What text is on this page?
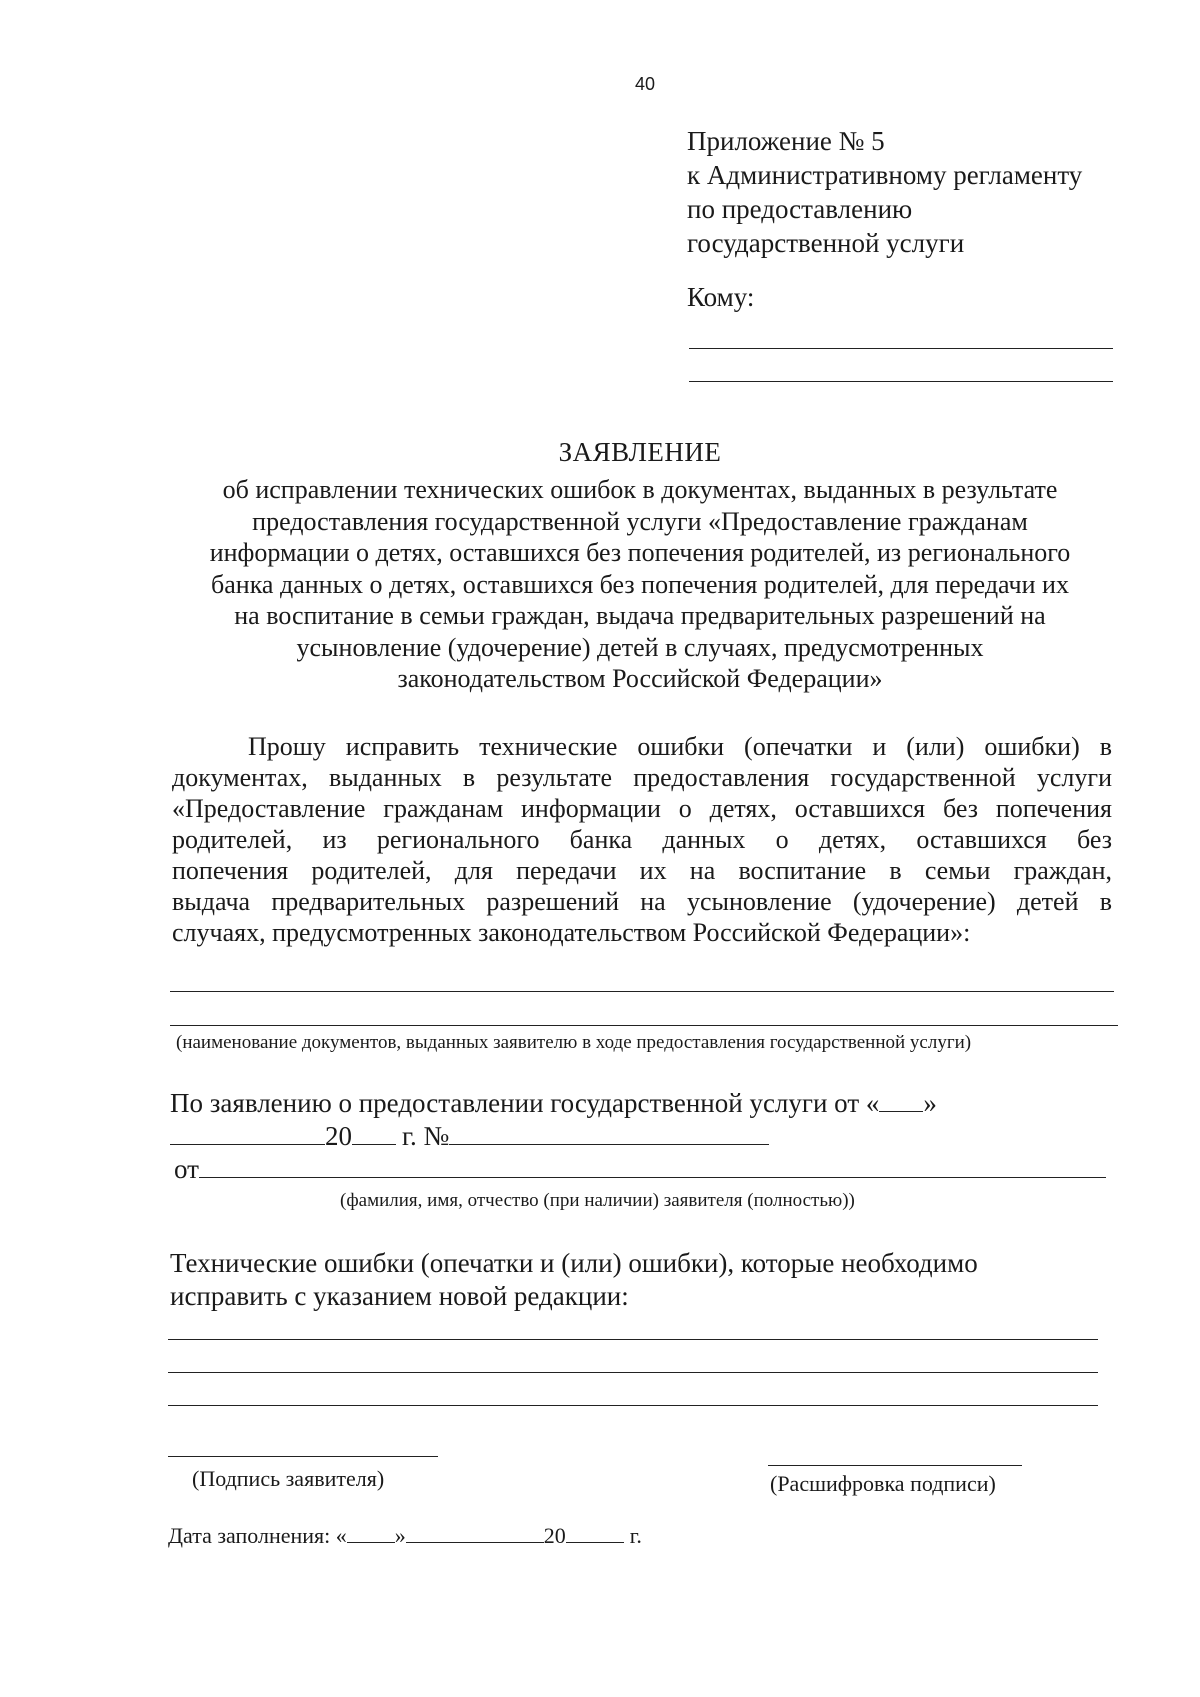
40
Приложение № 5
к Административному регламенту
по предоставлению
государственной услуги
Кому:
ЗАЯВЛЕНИЕ
об исправлении технических ошибок в документах, выданных в результате
предоставления государственной услуги «Предоставление гражданам
информации о детях, оставшихся без попечения родителей, из регионального
банка данных о детях, оставшихся без попечения родителей, для передачи их
на воспитание в семьи граждан, выдача предварительных разрешений на
усыновление (удочерение) детей в случаях, предусмотренных
законодательством Российской Федерации»
Прошу исправить технические ошибки (опечатки и (или) ошибки) в
документах, выданных в результате предоставления государственной услуги
«Предоставление гражданам информации о детях, оставшихся без попечения
родителей, из регионального банка данных о детях, оставшихся без
попечения родителей, для передачи их на воспитание в семьи граждан,
выдача предварительных разрешений на усыновление (удочерение) детей в
случаях, предусмотренных законодательством Российской Федерации»:
(наименование документов, выданных заявителю в ходе предоставления государственной услуги)
По заявлению о предоставлении государственной услуги от « »
20 г. №
от
(фамилия, имя, отчество (при наличии) заявителя (полностью))
Технические ошибки (опечатки и (или) ошибки), которые необходимо
исправить с указанием новой редакции:
(Подпись заявителя)	(Расшифровка подписи)
Дата заполнения: « »	20	г.
